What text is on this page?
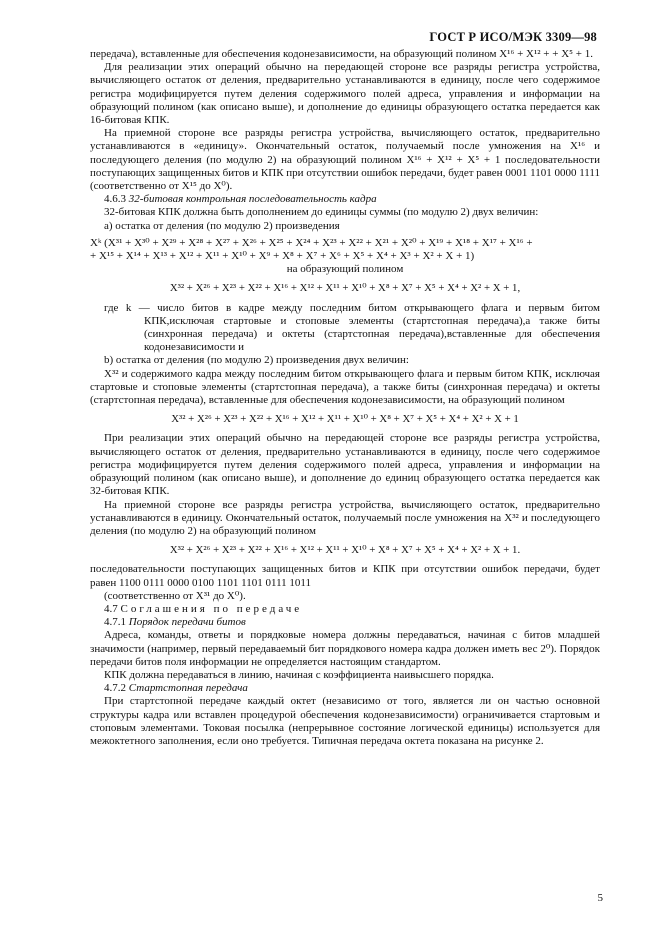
ГОСТ Р ИСО/МЭК 3309—98

передача), вставленные для обеспечения кодонезависимости, на образующий полином X¹⁶ + X¹² + + X⁵ + 1.

Для реализации этих операций обычно на передающей стороне все разряды регистра устройства, вычисляющего остаток от деления, предварительно устанавливаются в единицу, после чего содержимое регистра модифицируется путем деления содержимого полей адреса, управления и информации на образующий полином (как описано выше), и дополнение до единицы образующего остатка передается как 16-битовая КПК.

На приемной стороне все разряды регистра устройства, вычисляющего остаток, предварительно устанавливаются в «единицу». Окончательный остаток, получаемый после умножения на X¹⁶ и последующего деления (по модулю 2) на образующий полином X¹⁶ + X¹² + X⁵ + 1 последовательности поступающих защищенных битов и КПК при отсутствии ошибок передачи, будет равен 0001 1101 0000 1111 (соответственно от X¹⁵ до X⁰).

4.6.3 32-битовая контрольная последовательность кадра

32-битовая КПК должна быть дополнением до единицы суммы (по модулю 2) двух величин:

a) остатка от деления (по модулю 2) произведения

Xᵏ (X³¹ + X³⁰ + X²⁹ + X²⁸ + X²⁷ + X²⁶ + X²⁵ + X²⁴ + X²³ + X²² + X²¹ + X²⁰ + X¹⁹ + X¹⁸ + X¹⁷ + X¹⁶ +

+ X¹⁵ + X¹⁴ + X¹³ + X¹² + X¹¹ + X¹⁰ + X⁹ + X⁸ + X⁷ + X⁶ + X⁵ + X⁴ + X³ + X² + X + 1)

на образующий полином

X³² + X²⁶ + X²³ + X²² + X¹⁶ + X¹² + X¹¹ + X¹⁰ + X⁸ + X⁷ + X⁵ + X⁴ + X² + X + 1,

где k — число битов в кадре между последним битом открывающего флага и первым битом КПК,исключая стартовые и стоповые элементы (стартстопная передача),а также биты (синхронная передача) и октеты (стартстопная передача),вставленные для обеспечения кодонезависимости и

b) остатка от деления (по модулю 2) произведения двух величин:

X³² и содержимого кадра между последним битом открывающего флага и первым битом КПК, исключая стартовые и стоповые элементы (стартстопная передача), а также биты (синхронная передача) и октеты (стартстопная передача), вставленные для обеспечения кодонезависимости, на образующий полином

X³² + X²⁶ + X²³ + X²² + X¹⁶ + X¹² + X¹¹ + X¹⁰ + X⁸ + X⁷ + X⁵ + X⁴ + X² + X + 1

При реализации этих операций обычно на передающей стороне все разряды регистра устройства, вычисляющего остаток от деления, предварительно устанавливаются в единицу, после чего содержимое регистра модифицируется путем деления содержимого полей адреса, управления и информации на образующий полином (как описано выше), и дополнение до единиц образующего остатка передается как 32-битовая КПК.

На приемной стороне все разряды регистра устройства, вычисляющего остаток, предварительно устанавливаются в единицу. Окончательный остаток, получаемый после умножения на X³² и последующего деления (по модулю 2) на образующий полином

X³² + X²⁶ + X²³ + X²² + X¹⁶ + X¹² + X¹¹ + X¹⁰ + X⁸ + X⁷ + X⁵ + X⁴ + X² + X + 1.

последовательности поступающих защищенных битов и КПК при отсутствии ошибок передачи, будет равен 1100 0111 0000 0100 1101 1101 0111 1011

(соответственно от X³¹ до X⁰).

4.7 Соглашения по передаче

4.7.1 Порядок передачи битов

Адреса, команды, ответы и порядковые номера должны передаваться, начиная с битов младшей значимости (например, первый передаваемый бит порядкового номера кадра должен иметь вес 2⁰). Порядок передачи битов поля информации не определяется настоящим стандартом.

КПК должна передаваться в линию, начиная с коэффициента наивысшего порядка.

4.7.2 Стартстопная передача

При стартстопной передаче каждый октет (независимо от того, является ли он частью основной структуры кадра или вставлен процедурой обеспечения кодонезависимости) ограничивается стартовым и стоповым элементами. Токовая посылка (непрерывное состояние логической единицы) используется для межоктетного заполнения, если оно требуется. Типичная передача октета показана на рисунке 2.

5
